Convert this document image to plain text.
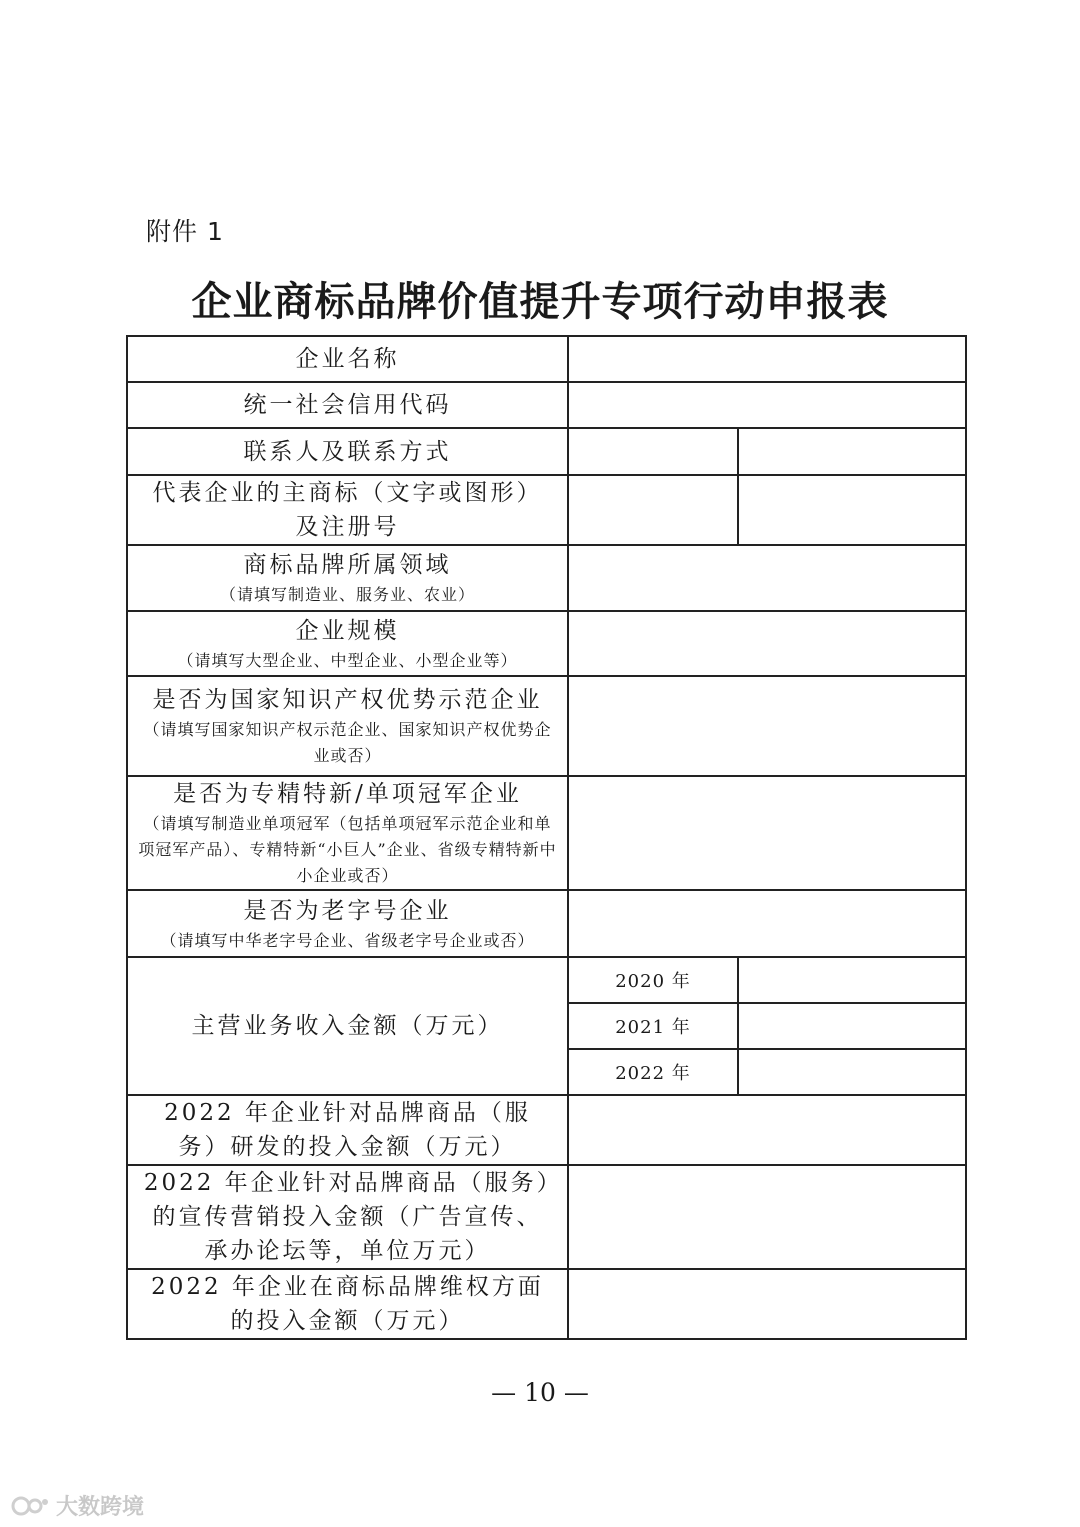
附件 1
企业商标品牌价值提升专项行动申报表
企业名称		
统一社会信用代码		
联系人及联系方式		

代表企业的主商标（文字或图形）
及注册号		

商标品牌所属领域
（请填写制造业、服务业、农业）		

企业规模
（请填写大型企业、中型企业、小型企业等）		

是否为国家知识产权优势示范企业
（请填写国家知识产权示范企业、国家知识产权优势企业或否）		

是否为专精特新/单项冠军企业
（请填写制造业单项冠军（包括单项冠军示范企业和单项冠军产品）、专精特新“小巨人”企业、省级专精特新中小企业或否）		

是否为老字号企业
（请填写中华老字号企业、省级老字号企业或否）		

主营业务收入金额（万元）	2020 年	
	2021 年	
	2022 年	

2022 年企业针对品牌商品（服务）研发的投入金额（万元）		

2022 年企业针对品牌商品（服务）的宣传营销投入金额（广告宣传、承办论坛等，单位万元）		

2022 年企业在商标品牌维权方面的投入金额（万元）		

— 10 —
大数跨境
